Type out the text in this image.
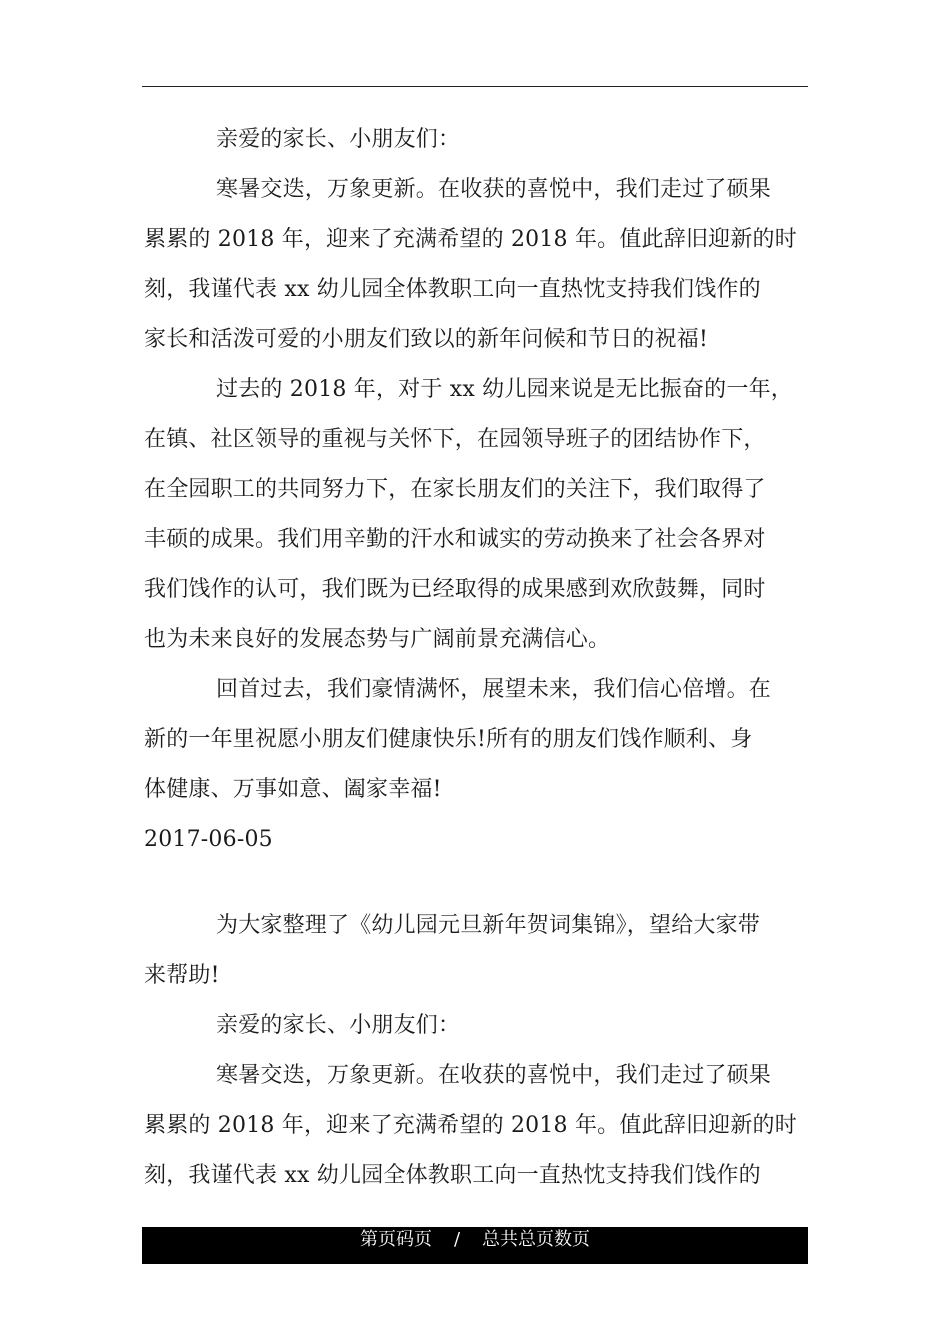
亲爱的家长、小朋友们：
寒暑交迭，万象更新。在收获的喜悦中，我们走过了硕果
累累的 2018 年，迎来了充满希望的 2018 年。值此辞旧迎新的时
刻，我谨代表 xx 幼儿园全体教职工向一直热忱支持我们饯作的
家长和活泼可爱的小朋友们致以的新年问候和节日的祝福!
过去的 2018 年，对于 xx 幼儿园来说是无比振奋的一年，
在镇、社区领导的重视与关怀下，在园领导班子的团结协作下，
在全园职工的共同努力下，在家长朋友们的关注下，我们取得了
丰硕的成果。我们用辛勤的汗水和诚实的劳动换来了社会各界对
我们饯作的认可，我们既为已经取得的成果感到欢欣鼓舞，同时
也为未来良好的发展态势与广阔前景充满信心。
回首过去，我们豪情满怀，展望未来，我们信心倍增。在
新的一年里祝愿小朋友们健康快乐!所有的朋友们饯作顺利、身
体健康、万事如意、阖家幸福!
2017-06-05
为大家整理了《幼儿园元旦新年贺词集锦》，望给大家带
来帮助!
亲爱的家长、小朋友们：
寒暑交迭，万象更新。在收获的喜悦中，我们走过了硕果
累累的 2018 年，迎来了充满希望的 2018 年。值此辞旧迎新的时
刻，我谨代表 xx 幼儿园全体教职工向一直热忱支持我们饯作的
第页码页 / 总共总页数页
